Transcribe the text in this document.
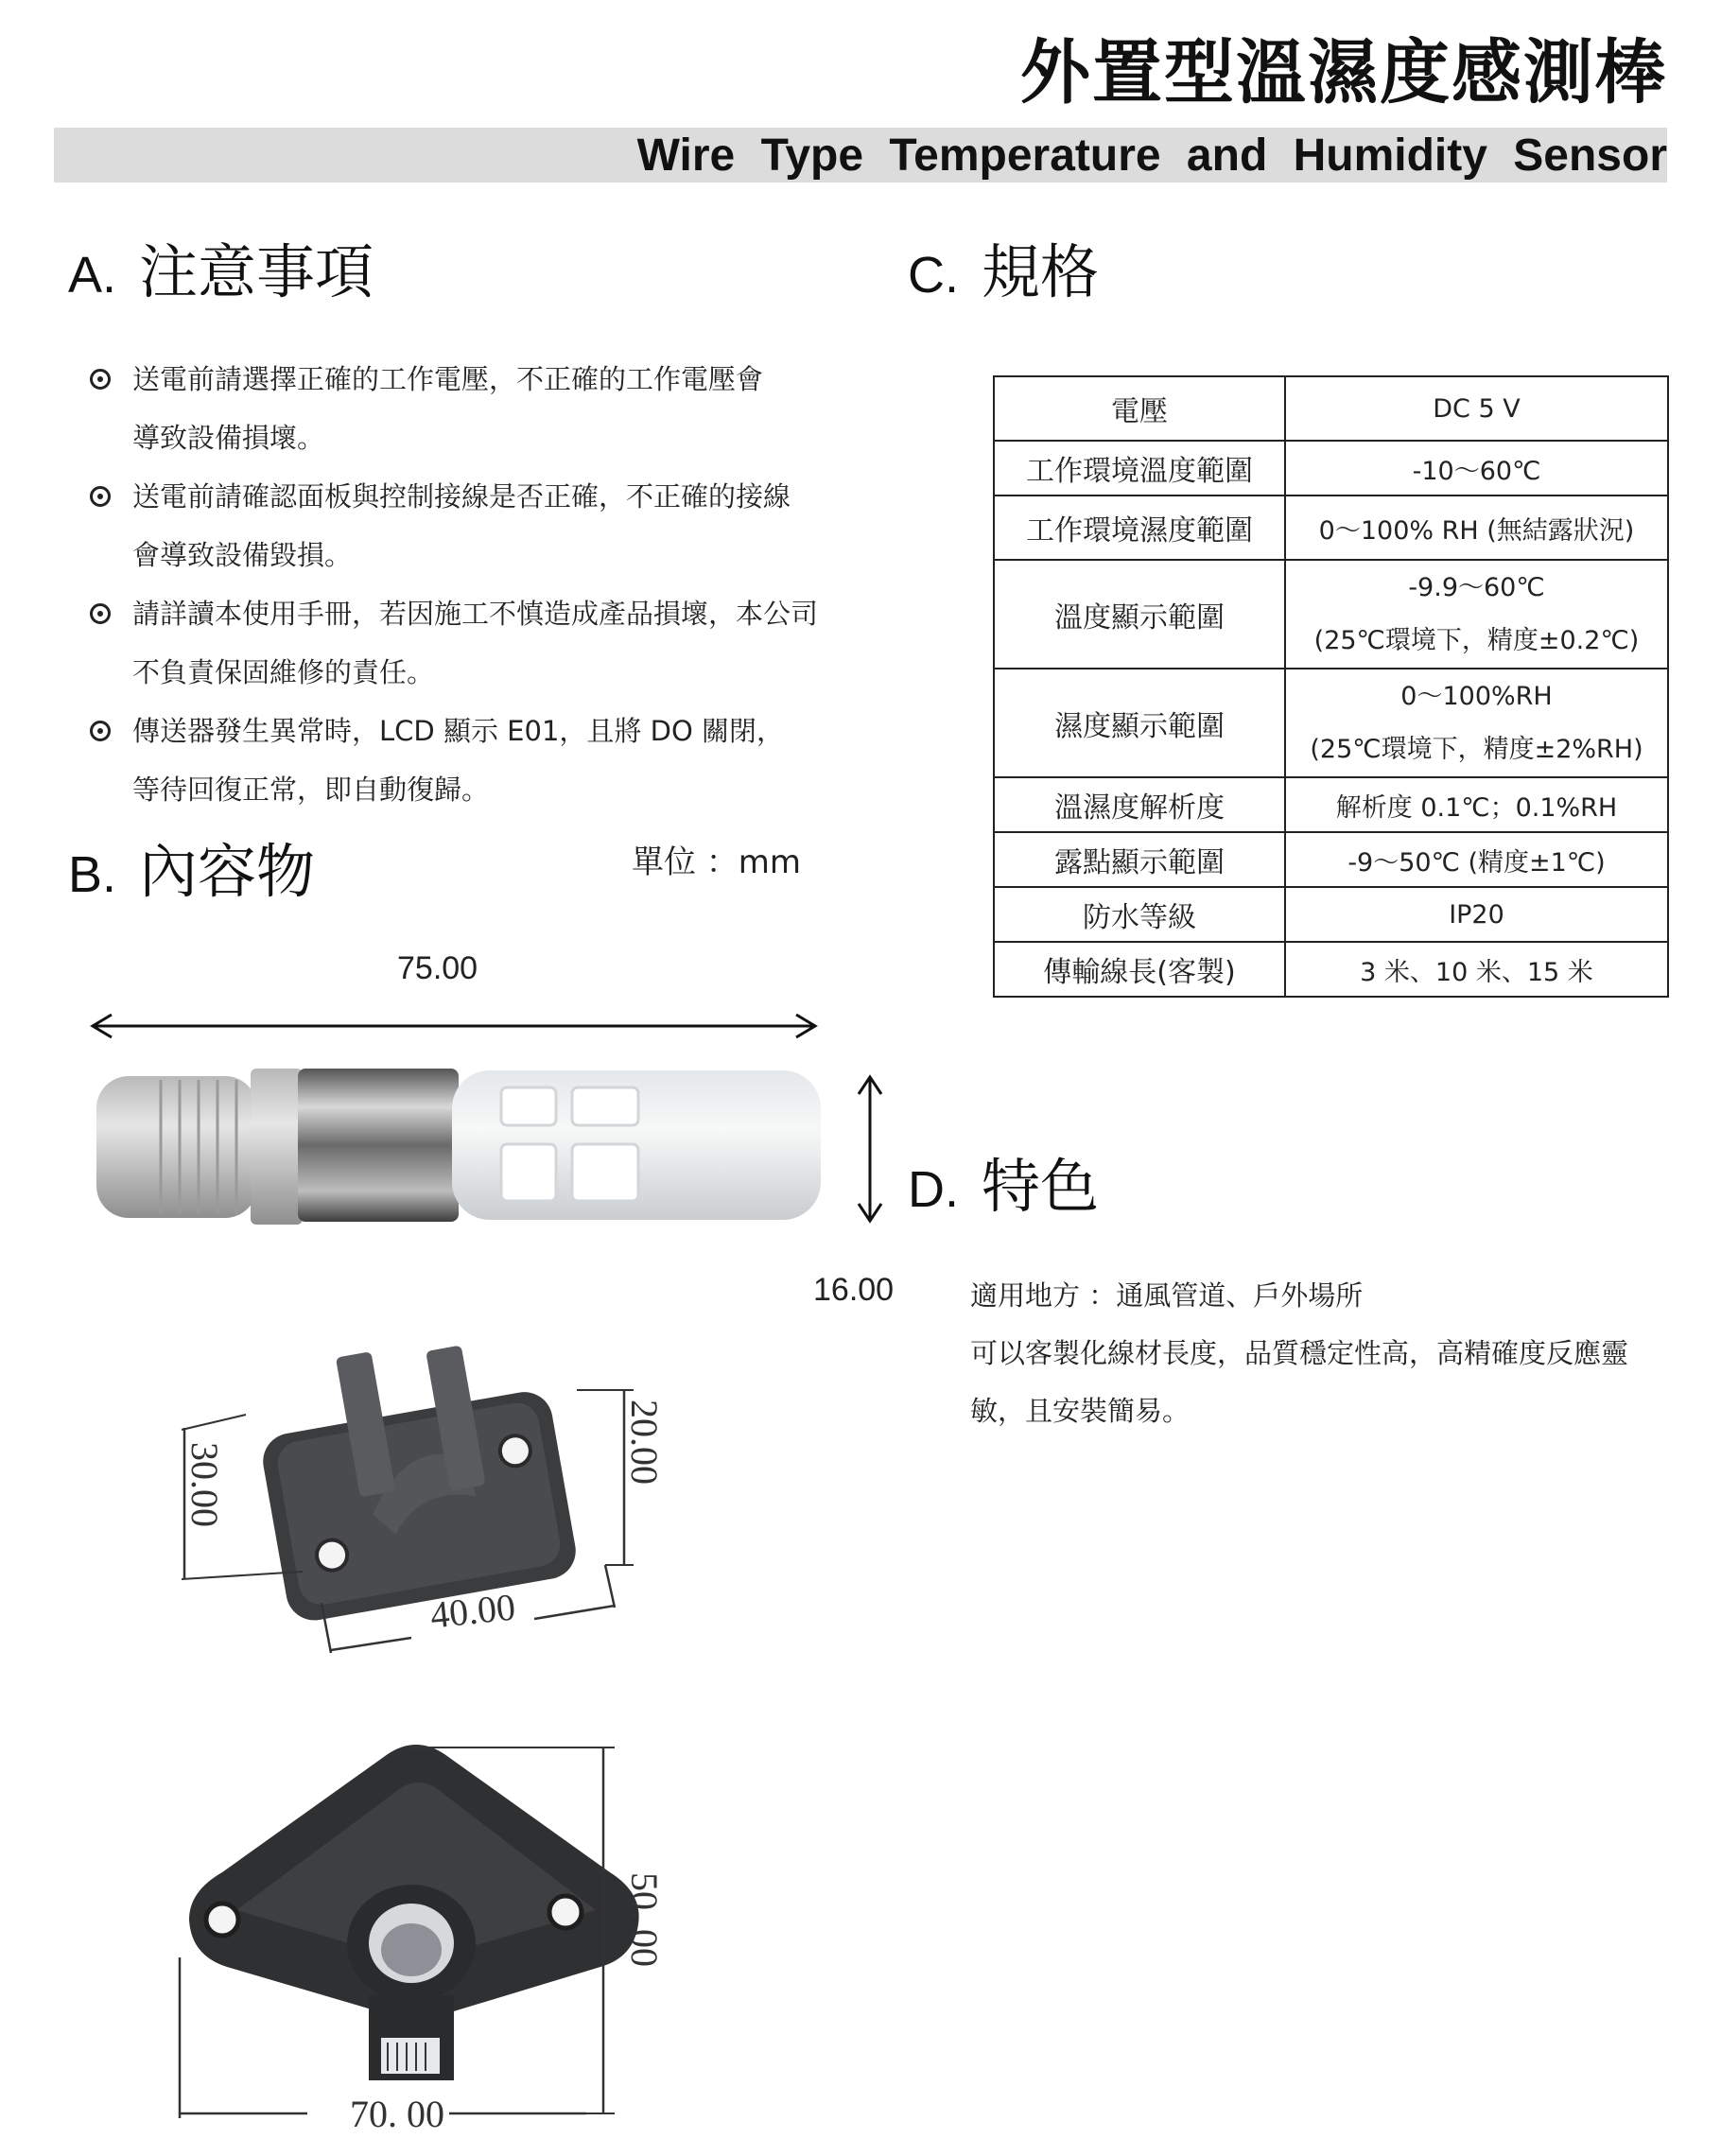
外置型溫濕度感測棒
Wire Type Temperature and Humidity Sensor
A. 注意事項
送電前請選擇正確的工作電壓，不正確的工作電壓會
導致設備損壞。
送電前請確認面板與控制接線是否正確，不正確的接線
會導致設備毀損。
請詳讀本使用手冊，若因施工不慎造成產品損壞，本公司
不負責保固維修的責任。
傳送器發生異常時，LCD 顯示 E01，且將 DO 關閉，
等待回復正常，即自動復歸。
B. 內容物	單位 ：mm
75.00
16.00
30.00	20.00
40.00
50. 00
70. 00
C. 規格
電壓	DC 5 V
工作環境溫度範圍	-10～60℃
工作環境濕度範圍	0～100% RH (無結露狀況)
溫度顯示範圍	-9.9～60℃
(25℃環境下，精度±0.2℃)

濕度顯示範圍	0～100%RH
(25℃環境下，精度±2%RH)

溫濕度解析度	解析度 0.1℃；0.1%RH
露點顯示範圍	-9～50℃ (精度±1℃)
防水等級	IP20
傳輸線長(客製)	3 米、10 米、15 米
D. 特色

適用地方 ：通風管道、戶外場所

可以客製化線材長度，品質穩定性高，高精確度反應靈

敏，且安裝簡易。
